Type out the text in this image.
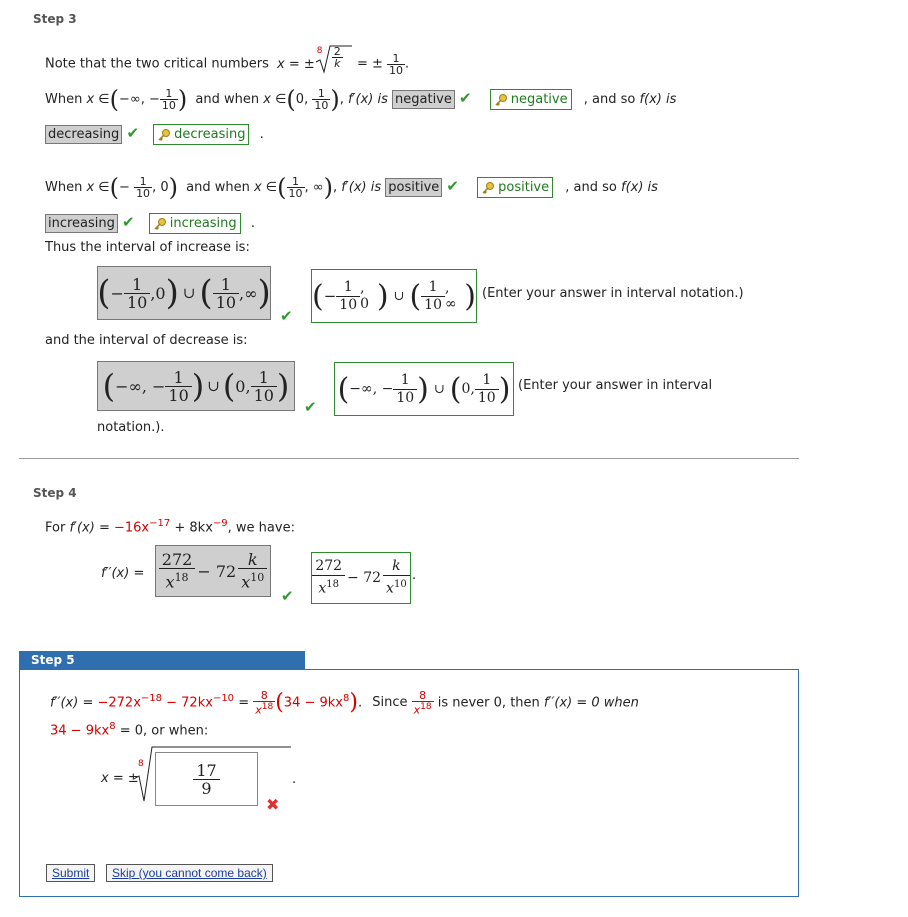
Step 3
Note that the two critical numbers x = ±
$8 \frac{2}{k}$ = ± $\frac{1}{10}$ .
When x ∈(−∞, − $\frac{1}{10}$ ) and when x ∈(0, $\frac{1}{10}$ ), f′(x) is negative ✔	negative , and so f(x) is
decreasing ✔	decreasing .
When x ∈(− $\frac{1}{10}$ , 0) and when x ∈( $\frac{1}{10}$ , ∞), f′(x) is positive ✔	positive , and so f(x) is
increasing ✔	increasing .
Thus the interval of increase is:
( − $\frac{1}{10} ,0$ ) ∪ ( $\frac{1}{10}$ ,∞ )
✔
( − $\frac{1}{10}$ , 0 ) ∪ ( $\frac{1}{10}$ , ∞ ) (Enter your answer in interval notation.)
and the interval of decrease is:
( −∞, − $\frac{1}{10}$ ) ∪ ( 0, $\frac{1}{10}$ )
✔
( −∞, − $\frac{1}{10}$ ) ∪ ( 0, $\frac{1}{10}$ ) (Enter your answer in interval
notation.).
Step 4
For $f'(x) = -16x^{-17} + 8kx^{-9}$, we have:
f′′(x) =
272
$x^{18} - 72$
k
$x^{10}$
✔
272
$x^{18} - 72$
k
$x^{10}$
.
Step 5
$f''(x) = -272x^{-18} - 72kx^{-10} = \frac{8}{x^{18}} (34 - 9kx^8)$. Since $\frac{8}{x^{18}}$ is never 0, then f′′(x) = 0 when
$34 - 9kx^8 = 0$, or when:
x = ±
8	$\frac{17}{9}$	.
✖
Submit	Skip (you cannot come back)
